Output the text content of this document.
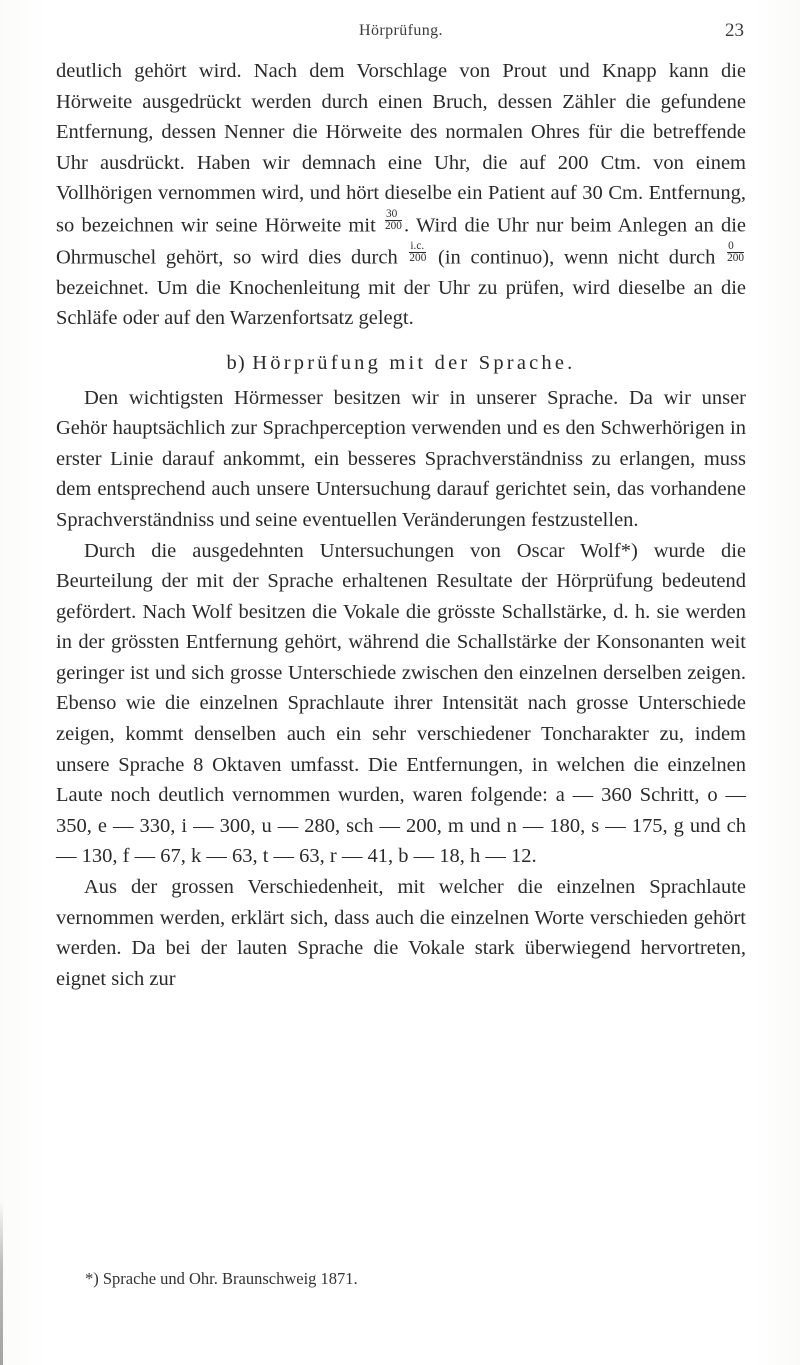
Hörprüfung.	23

deutlich gehört wird. Nach dem Vorschlage von Prout und Knapp kann die Hörweite ausgedrückt werden durch einen Bruch, dessen Zähler die gefundene Entfernung, dessen Nenner die Hörweite des normalen Ohres für die betreffende Uhr ausdrückt. Haben wir demnach eine Uhr, die auf 200 Ctm. von einem Vollhörigen vernommen wird, und hört dieselbe ein Patient auf 30 Cm. Entfernung, so bezeichnen wir seine Hörweite mit $\frac{30}{200}$ . Wird die Uhr nur beim Anlegen an die Ohrmuschel gehört, so wird dies durch $\frac{i.c.}{200} (in$ continuo), wenn nicht durch $\frac{0}{200}$
bezeichnet. Um die Knochenleitung mit der Uhr zu prüfen, wird dieselbe an die Schläfe oder auf den Warzenfortsatz gelegt.

b) Hörprüfung mit der Sprache.

Den wichtigsten Hörmesser besitzen wir in unserer Sprache. Da wir unser Gehör hauptsächlich zur Sprachperception verwenden und es den Schwerhörigen in erster Linie darauf ankommt, ein besseres Sprachverständniss zu erlangen, muss dem entsprechend auch unsere Untersuchung darauf gerichtet sein, das vorhandene Sprachverständniss und seine eventuellen Veränderungen festzustellen.

Durch die ausgedehnten Untersuchungen von Oscar Wolf*) wurde die Beurteilung der mit der Sprache erhaltenen Resultate der Hörprüfung bedeutend gefördert. Nach Wolf besitzen die Vokale die grösste Schallstärke, d. h. sie werden in der grössten Entfernung gehört, während die Schallstärke der Konsonanten weit geringer ist und sich grosse Unterschiede zwischen den einzelnen derselben zeigen. Ebenso wie die einzelnen Sprachlaute ihrer Intensität nach grosse Unterschiede zeigen, kommt denselben auch ein sehr verschiedener Toncharakter zu, indem unsere Sprache 8 Oktaven umfasst. Die Entfernungen, in welchen die einzelnen Laute noch deutlich vernommen wurden, waren folgende: a — 360 Schritt, o — 350, e — 330, i — 300, u — 280, sch — 200, m und n — 180, s — 175, g und ch — 130, f — 67, k — 63, t — 63, r — 41, b — 18, h — 12.

Aus der grossen Verschiedenheit, mit welcher die einzelnen Sprachlaute vernommen werden, erklärt sich, dass auch die einzelnen Worte verschieden gehört werden. Da bei der lauten Sprache die Vokale stark überwiegend hervortreten, eignet sich zur

*) Sprache und Ohr. Braunschweig 1871.
